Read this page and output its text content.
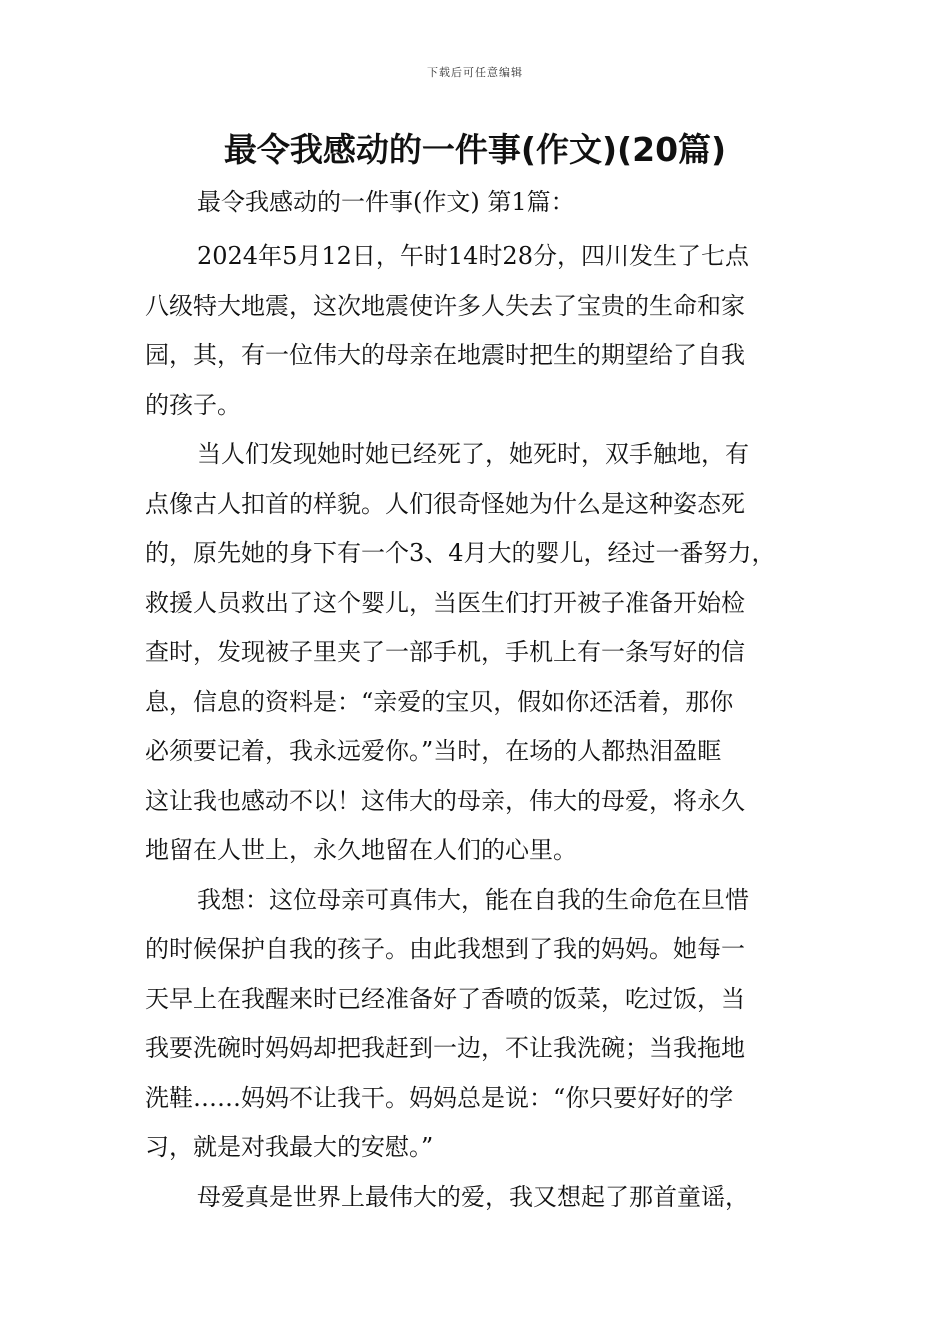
下载后可任意编辑
最令我感动的一件事(作文)(20篇)

最令我感动的一件事(作文) 第1篇：

2024年5月12日，午时14时28分，四川发生了七点
八级特大地震，这次地震使许多人失去了宝贵的生命和家
园，其，有一位伟大的母亲在地震时把生的期望给了自我
的孩子。

当人们发现她时她已经死了，她死时，双手触地，有
点像古人扣首的样貌。人们很奇怪她为什么是这种姿态死
的，原先她的身下有一个3、4月大的婴儿，经过一番努力，
救援人员救出了这个婴儿，当医生们打开被子准备开始检
查时，发现被子里夹了一部手机，手机上有一条写好的信
息，信息的资料是：“亲爱的宝贝，假如你还活着，那你
必须要记着，我永远爱你。”当时，在场的人都热泪盈眶
这让我也感动不以！这伟大的母亲，伟大的母爱，将永久
地留在人世上，永久地留在人们的心里。

我想：这位母亲可真伟大，能在自我的生命危在旦惜
的时候保护自我的孩子。由此我想到了我的妈妈。她每一
天早上在我醒来时已经准备好了香喷的饭菜，吃过饭，当
我要洗碗时妈妈却把我赶到一边，不让我洗碗；当我拖地
洗鞋……妈妈不让我干。妈妈总是说：“你只要好好的学
习，就是对我最大的安慰。”

母爱真是世界上最伟大的爱，我又想起了那首童谣，
